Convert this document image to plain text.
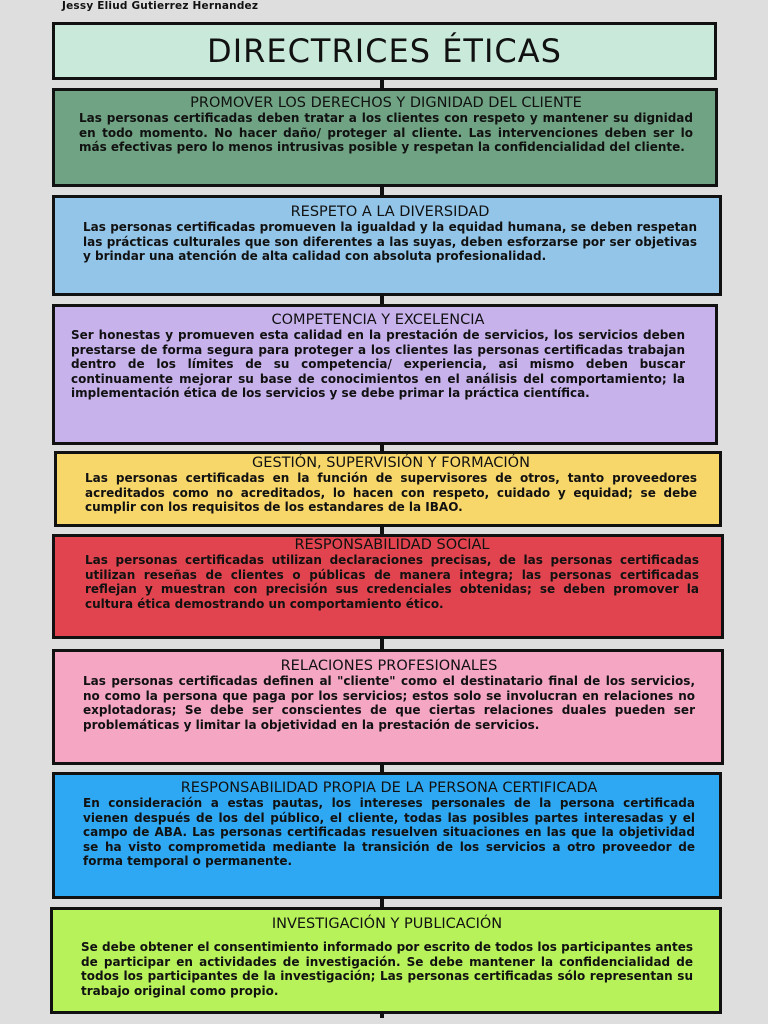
Jessy Eliud Gutierrez Hernandez
DIRECTRICES ÉTICAS
PROMOVER LOS DERECHOS Y DIGNIDAD DEL CLIENTE

Las personas certificadas deben tratar a los clientes con respeto y mantener su dignidad en todo momento. No hacer daño/ proteger al cliente. Las intervenciones deben ser lo más efectivas pero lo menos intrusivas posible y respetan la confidencialidad del cliente.

RESPETO A LA DIVERSIDAD

Las personas certificadas promueven la igualdad y la equidad humana, se deben respetan las prácticas culturales que son diferentes a las suyas, deben esforzarse por ser objetivas y brindar una atención de alta calidad con absoluta profesionalidad.

COMPETENCIA Y EXCELENCIA

Ser honestas y promueven esta calidad en la prestación de servicios, los servicios deben prestarse de forma segura para proteger a los clientes las personas certificadas trabajan dentro de los límites de su competencia/ experiencia, asi mismo deben buscar continuamente mejorar su base de conocimientos en el análisis del comportamiento; la implementación ética de los servicios y se debe primar la práctica científica.

GESTIÓN, SUPERVISIÓN Y FORMACIÓN

Las personas certificadas en la función de supervisores de otros, tanto proveedores acreditados como no acreditados, lo hacen con respeto, cuidado y equidad; se debe cumplir con los requisitos de los estandares de la IBAO.

RESPONSABILIDAD SOCIAL

Las personas certificadas utilizan declaraciones precisas, de las personas certificadas utilizan reseñas de clientes o públicas de manera integra; las personas certificadas reflejan y muestran con precisión sus credenciales obtenidas; se deben promover la cultura ética demostrando un comportamiento ético.

RELACIONES PROFESIONALES

Las personas certificadas definen al "cliente" como el destinatario final de los servicios, no como la persona que paga por los servicios; estos solo se involucran en relaciones no explotadoras; Se debe ser conscientes de que ciertas relaciones duales pueden ser problemáticas y limitar la objetividad en la prestación de servicios.

RESPONSABILIDAD PROPIA DE LA PERSONA CERTIFICADA

En consideración a estas pautas, los intereses personales de la persona certificada vienen después de los del público, el cliente, todas las posibles partes interesadas y el campo de ABA. Las personas certificadas resuelven situaciones en las que la objetividad se ha visto comprometida mediante la transición de los servicios a otro proveedor de forma temporal o permanente.

INVESTIGACIÓN Y PUBLICACIÓN

Se debe obtener el consentimiento informado por escrito de todos los participantes antes de participar en actividades de investigación. Se debe mantener la confidencialidad de todos los participantes de la investigación; Las personas certificadas sólo representan su trabajo original como propio.
